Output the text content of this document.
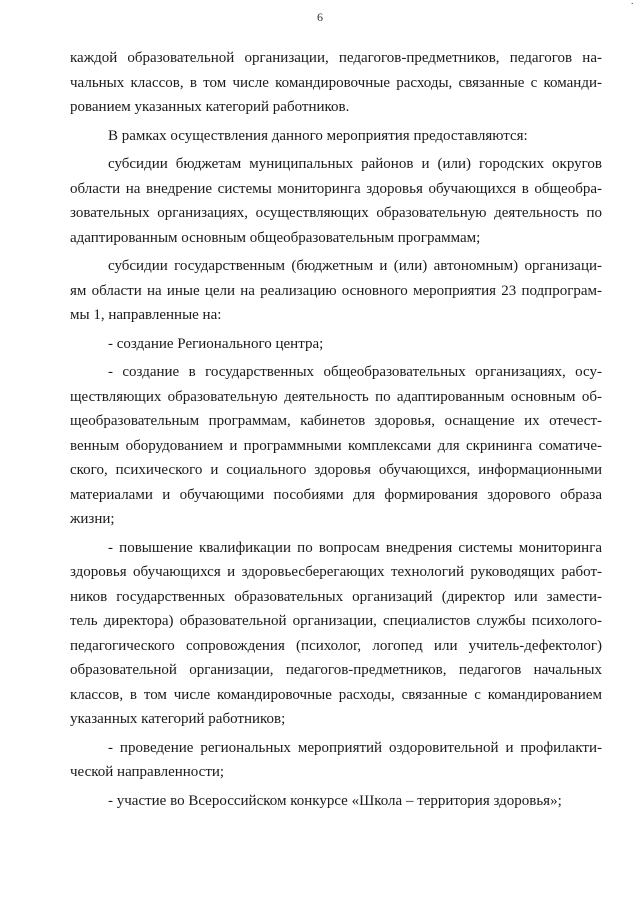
6
·
каждой образовательной организации, педагогов-предметников, педагогов на-
чальных классов, в том числе командировочные расходы, связанные с команди-
рованием указанных категорий работников.
В рамках осуществления данного мероприятия предоставляются:
субсидии бюджетам муниципальных районов и (или) городских округов
области на внедрение системы мониторинга здоровья обучающихся в общеобра-
зовательных организациях, осуществляющих образовательную деятельность по
адаптированным основным общеобразовательным программам;
субсидии государственным (бюджетным и (или) автономным) организаци-
ям области на иные цели на реализацию основного мероприятия 23 подпрограм-
мы 1, направленные на:
- создание Регионального центра;
- создание в государственных общеобразовательных организациях, осу-
ществляющих образовательную деятельность по адаптированным основным об-
щеобразовательным программам, кабинетов здоровья, оснащение их отечест-
венным оборудованием и программными комплексами для скрининга соматиче-
ского, психического и социального здоровья обучающихся, информационными
материалами и обучающими пособиями для формирования здорового образа
жизни;
- повышение квалификации по вопросам внедрения системы мониторинга
здоровья обучающихся и здоровьесберегающих технологий руководящих работ-
ников государственных образовательных организаций (директор или замести-
тель директора) образовательной организации, специалистов службы психолого-
педагогического сопровождения (психолог, логопед или учитель-дефектолог)
образовательной организации, педагогов-предметников, педагогов начальных
классов, в том числе командировочные расходы, связанные с командированием
указанных категорий работников;
- проведение региональных мероприятий оздоровительной и профилакти-
ческой направленности;
- участие во Всероссийском конкурсе «Школа – территория здоровья»;
